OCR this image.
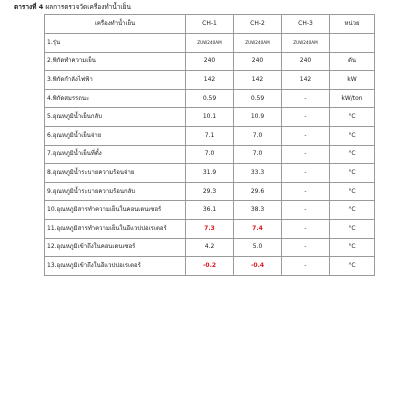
ตารางที่ 4 ผลการตรวจวัดเครื่องทำน้ำเย็น
เครื่องทำน้ำเย็น	CH-1	CH-2	CH-3	หน่วย
1.รุ่น	ZUW240AM	ZUW240AM	ZUW240AM	
2.พิกัดทำความเย็น	240	240	240	ตัน
3.พิกัดกำลังไฟฟ้า	142	142	142	kW
4.พิกัดสมรรถนะ	0.59	0.59	-	kW/ton
5.อุณหภูมิน้ำเย็นกลับ	10.1	10.9	-	°C
6.อุณหภูมิน้ำเย็นจ่าย	7.1	7.0	-	°C
7.อุณหภูมิน้ำเย็นที่ตั้ง	7.0	7.0	-	°C
8.อุณหภูมิน้ำระบายความร้อนจ่าย	31.9	33.3	-	°C
9.อุณหภูมิน้ำระบายความร้อนกลับ	29.3	29.6	-	°C
10.อุณหภูมิสารทำความเย็นในคอนเดนเซอร์	36.1	38.3	-	°C
11.อุณหภูมิสารทำความเย็นในอีแวปปอเรเตอร์	7.3	7.4	-	°C
12.อุณหภูมิเข้าถึงในคอนเดนเซอร์	4.2	5.0	-	°C
13.อุณหภูมิเข้าถึงในอีแวปปอเรเตอร์	-0.2	-0.4	-	°C
